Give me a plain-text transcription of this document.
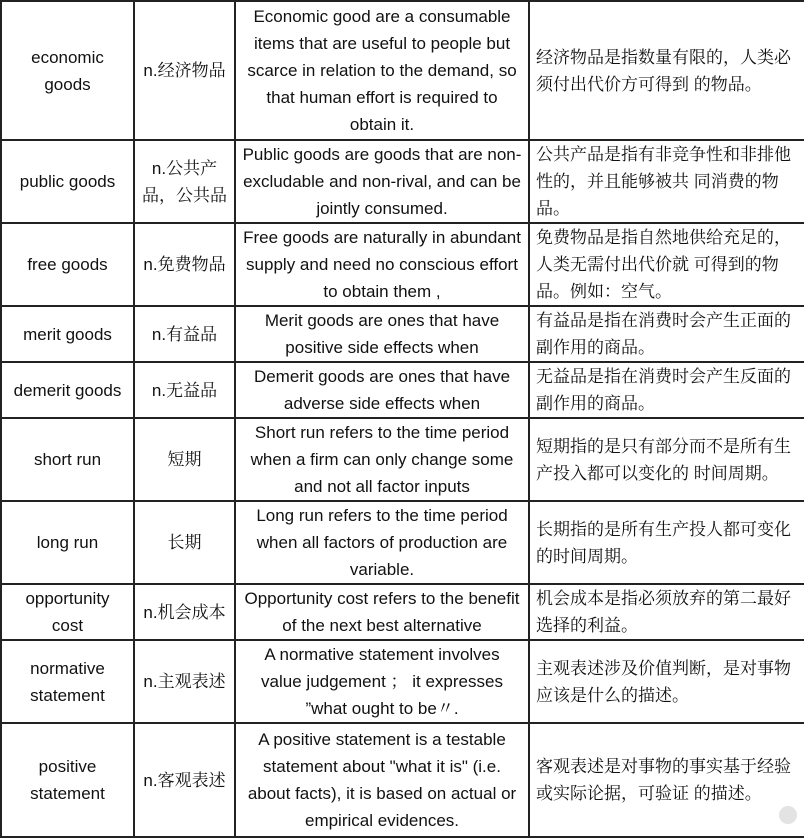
economic goods	n.经济物品	Economic good are a consumable items that are useful to people but scarce in relation to the demand, so that human effort is required to obtain it.	经济物品是指数量有限的，人类必须付出代价方可得到 的物品。
public goods	n.公共产品，公共品	Public goods are goods that are non-excludable and non-rival, and can be jointly consumed.	公共产品是指有非竞争性和非排他性的，并且能够被共 同消费的物品。
free goods	n.免费物品	Free goods are naturally in abundant supply and need no conscious effort to obtain them ,	免费物品是指自然地供给充足的，人类无需付出代价就 可得到的物品。例如：空气。
merit goods	n.有益品	Merit goods are ones that have positive side effects when	有益品是指在消费时会产生正面的副作用的商品。
demerit goods	n.无益品	Demerit goods are ones that have adverse side effects when	无益品是指在消费时会产生反面的副作用的商品。
short run	短期	Short run refers to the time period when a firm can only change some and not all factor inputs	短期指的是只有部分而不是所有生产投入都可以变化的 时间周期。
long run	长期	Long run refers to the time period when all factors of production are variable.	长期指的是所有生产投人都可变化的时间周期。
opportunity cost	n.机会成本	Opportunity cost refers to the benefit of the next best alternative	机会成本是指必须放弃的第二最好选择的利益。
normative statement	n.主观表述	A normative statement involves value judgement ； it expresses ”what ought to be〃.	主观表述涉及价值判断，是对事物应该是什么的描述。
positive statement	n.客观表述	A positive statement is a testable statement about "what it is" (i.e. about facts), it is based on actual or empirical evidences.	客观表述是对事物的事实基于经验或实际论据，可验证 的描述。
